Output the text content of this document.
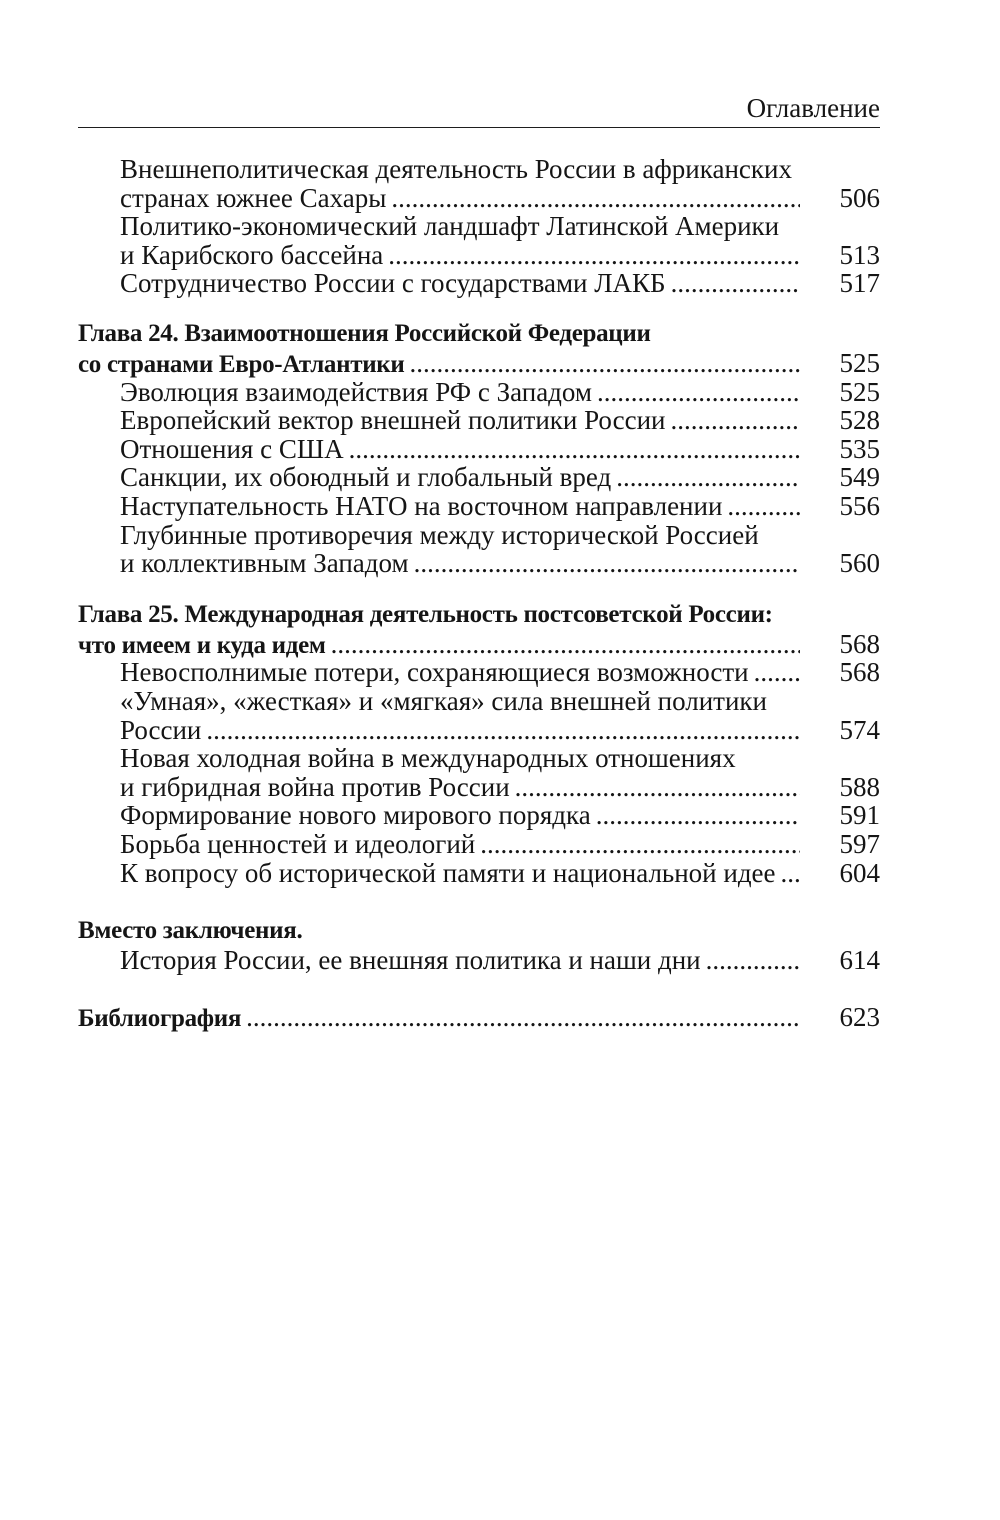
Оглавление
Внешнеполитическая деятельность России в африканских
странах южнее Сахары .....	506
Политико-экономический ландшафт Латинской Америки
и Карибского бассейна .....	513
Сотрудничество России с государствами ЛАКБ .....	517
Глава 24. Взаимоотношения Российской Федерации
со странами Евро-Атлантики .....	525
Эволюция взаимодействия РФ с Западом .....	525
Европейский вектор внешней политики России .....	528
Отношения с США .....	535
Санкции, их обоюдный и глобальный вред .....	549
Наступательность НАТО на восточном направлении .....	556
Глубинные противоречия между исторической Россией
и коллективным Западом .....	560
Глава 25. Международная деятельность постсоветской России:
что имеем и куда идем .....	568
Невосполнимые потери, сохраняющиеся возможности .....	568
«Умная», «жесткая» и «мягкая» сила внешней политики
России .....	574
Новая холодная война в международных отношениях
и гибридная война против России .....	588
Формирование нового мирового порядка .....	591
Борьба ценностей и идеологий .....	597
К вопросу об исторической памяти и национальной идее .....	604
Вместо заключения.
История России, ее внешняя политика и наши дни .....	614
Библиография .....	623
